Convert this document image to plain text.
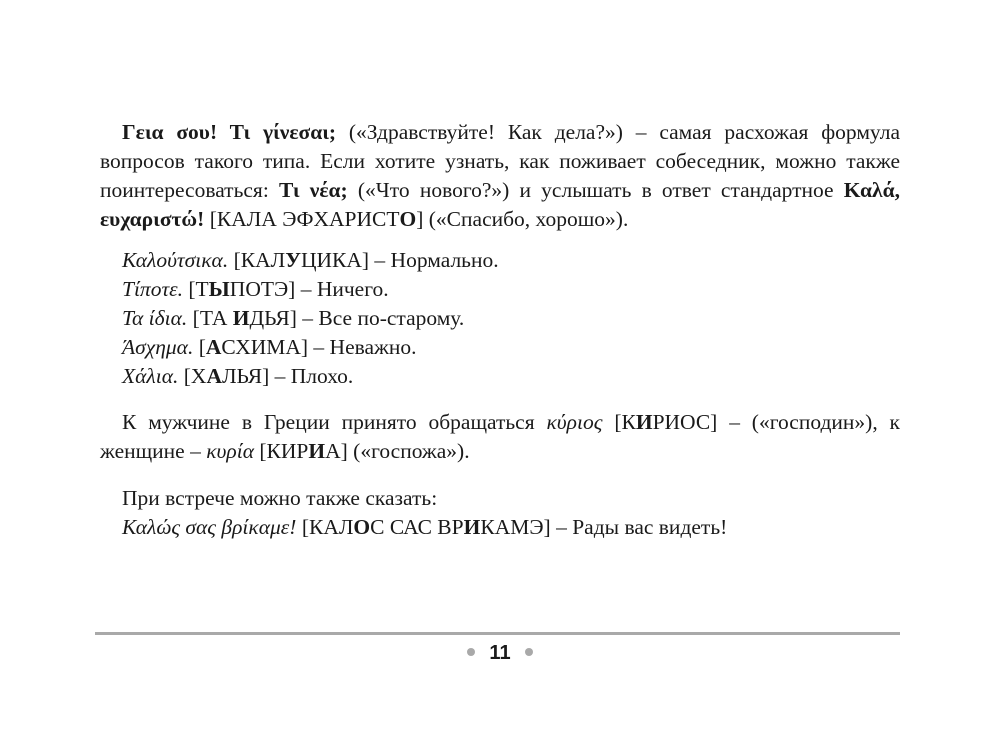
Γεια σου! Τι γίνεσαι; («Здравствуйте! Как дела?») – самая расхожая формула вопросов такого типа. Если хотите узнать, как поживает собеседник, можно также поинтересоваться: Τι νέα; («Что нового?») и услышать в ответ стандартное Καλά, ευχαριστώ! [КАЛА ЭФХАРИСТО] («Спасибо, хорошо»).

Καλούτσικα. [КАЛУЦИКА] – Нормально.
Τίποτε. [ТЫПОТЭ] – Ничего.
Τα ίδια. [ТА ИДЬЯ] – Все по-старому.
Άσχημα. [АСХИМА] – Неважно.
Χάλια. [ХАЛЬЯ] – Плохо.

К мужчине в Греции принято обращаться κύριος [КИРИОС] – («господин»), к женщине – κυρία [КИРИА] («госпожа»).

При встрече можно также сказать:
Καλώς σας βρίκαμε! [КАЛОС САС ВРИКАМЭ] – Рады вас видеть!
11
